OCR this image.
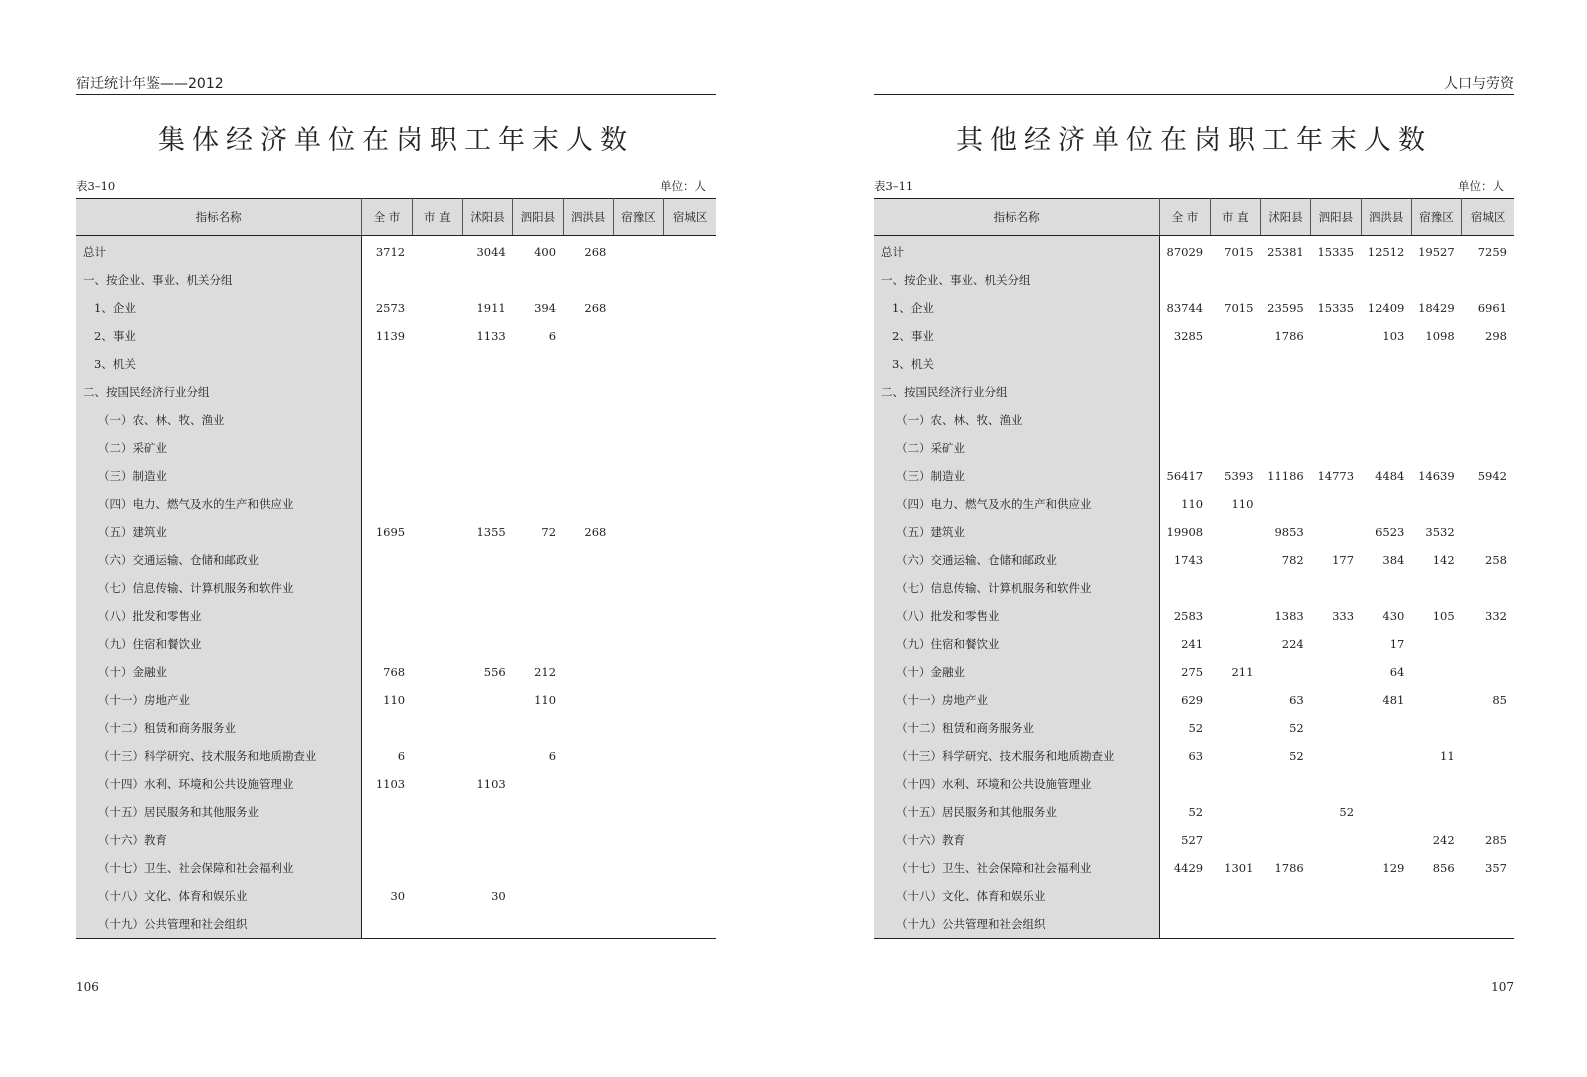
宿迁统计年鉴——2012
集体经济单位在岗职工年末人数
表3–10	单位：人
指标名称	全 市	市 直	沭阳县	泗阳县	泗洪县	宿豫区	宿城区
总计	3712		3044	400	268		
一、按企业、事业、机关分组							
1、企业	2573		1911	394	268		
2、事业	1139		1133	6			
3、机关							
二、按国民经济行业分组							
（一）农、林、牧、渔业							
（二）采矿业							
（三）制造业							
（四）电力、燃气及水的生产和供应业							
（五）建筑业	1695		1355	72	268		
（六）交通运输、仓储和邮政业							
（七）信息传输、计算机服务和软件业							
（八）批发和零售业							
（九）住宿和餐饮业							
（十）金融业	768		556	212			
（十一）房地产业	110			110			
（十二）租赁和商务服务业							
（十三）科学研究、技术服务和地质勘查业	6			6			
（十四）水利、环境和公共设施管理业	1103		1103				
（十五）居民服务和其他服务业							
（十六）教育							
（十七）卫生、社会保障和社会福利业							
（十八）文化、体育和娱乐业	30		30				
（十九）公共管理和社会组织							
106
人口与劳资
其他经济单位在岗职工年末人数
表3–11	单位：人
指标名称	全 市	市 直	沭阳县	泗阳县	泗洪县	宿豫区	宿城区
总计	87029	7015	25381	15335	12512	19527	7259
一、按企业、事业、机关分组							
1、企业	83744	7015	23595	15335	12409	18429	6961
2、事业	3285		1786		103	1098	298
3、机关							
二、按国民经济行业分组							
（一）农、林、牧、渔业							
（二）采矿业							
（三）制造业	56417	5393	11186	14773	4484	14639	5942
（四）电力、燃气及水的生产和供应业	110	110					
（五）建筑业	19908		9853		6523	3532	
（六）交通运输、仓储和邮政业	1743		782	177	384	142	258
（七）信息传输、计算机服务和软件业							
（八）批发和零售业	2583		1383	333	430	105	332
（九）住宿和餐饮业	241		224		17		
（十）金融业	275	211			64		
（十一）房地产业	629		63		481		85
（十二）租赁和商务服务业	52		52				
（十三）科学研究、技术服务和地质勘查业	63		52			11	
（十四）水利、环境和公共设施管理业							
（十五）居民服务和其他服务业	52			52			
（十六）教育	527					242	285
（十七）卫生、社会保障和社会福利业	4429	1301	1786		129	856	357
（十八）文化、体育和娱乐业							
（十九）公共管理和社会组织							
107
